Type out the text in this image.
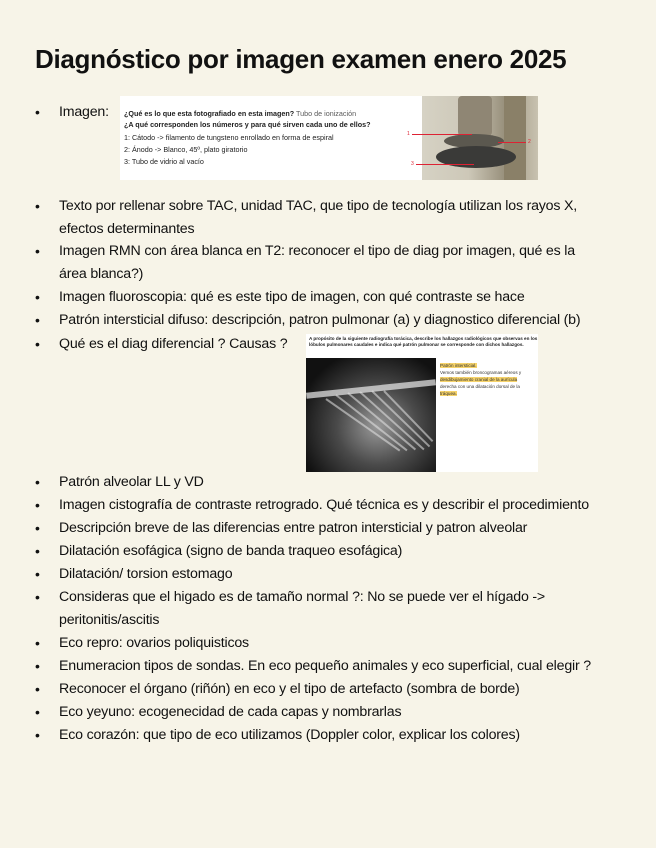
Diagnóstico por imagen examen enero 2025
• Imagen:
• Texto por rellenar sobre TAC, unidad TAC, que tipo de tecnología utilizan los rayos X,
efectos determinantes
• Imagen RMN con área blanca en T2: reconocer el tipo de diag por imagen, qué es la
área blanca?)
• Imagen fluoroscopia: qué es este tipo de imagen, con qué contraste se hace
• Patrón intersticial difuso: descripción, patron pulmonar (a) y diagnostico diferencial (b)
• Qué es el diag diferencial ? Causas ?
• Patrón alveolar LL y VD
• Imagen cistografía de contraste retrogrado. Qué técnica es y describir el procedimiento
• Descripción breve de las diferencias entre patron intersticial y patron alveolar
• Dilatación esofágica (signo de banda traqueo esofágica)
• Dilatación/ torsion estomago
• Consideras que el higado es de tamaño normal ?: No se puede ver el hígado ->
peritonitis/ascitis
• Eco repro: ovarios poliquisticos
• Enumeracion tipos de sondas. En eco pequeño animales y eco superficial, cual elegir ?
• Reconocer el órgano (riñón) en eco y el tipo de artefacto (sombra de borde)
• Eco yeyuno: ecogenecidad de cada capas y nombrarlas
• Eco corazón: que tipo de eco utilizamos (Doppler color, explicar los colores)
¿Qué es lo que esta fotografiado en esta imagen? Tubo de ionización
¿A qué corresponden los números y para qué sirven cada uno de ellos?
1: Cátodo -> filamento de tungsteno enrollado en forma de espiral
2: Ánodo -> Blanco, 45º, plato giratorio
3: Tubo de vidrio al vacío
1
2
3
A propósito de la siguiente radiografía torácica, describe los hallazgos radiológicos que observas en los lóbulos pulmonares caudales e indica qué patrón pulmonar se corresponde con dichos hallazgos.
Patrón intersticial.
Vemos también broncogramas aéreos y
desdibujamiento cranial de la aurícula
derecha con una dilatación dorsal de la
tráquea.
